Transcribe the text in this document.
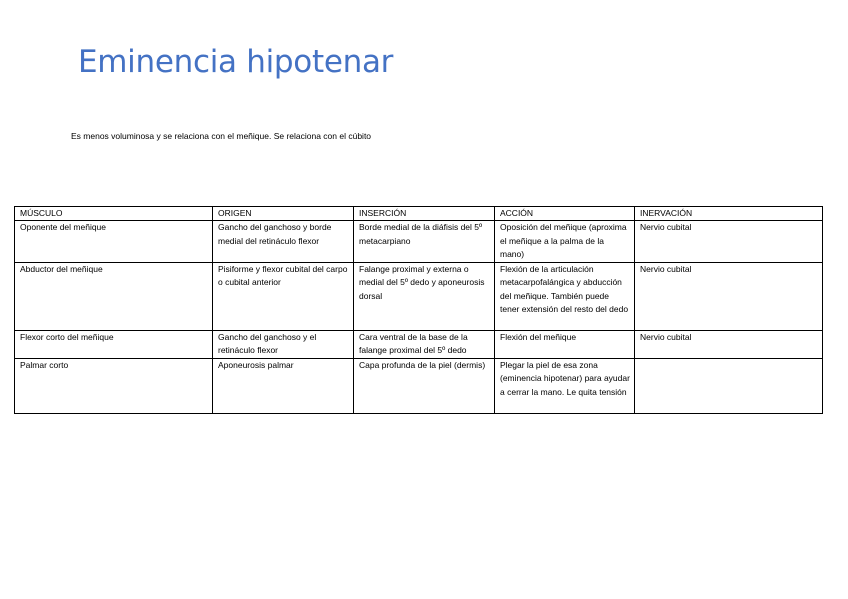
Eminencia hipotenar

Es menos voluminosa y se relaciona con el meñique. Se relaciona con el cúbito

MÚSCULO	ORIGEN	INSERCIÓN	ACCIÓN	INERVACIÓN
Oponente del meñique	Gancho del ganchoso y borde medial del retináculo flexor	Borde medial de la diáfisis del 5º metacarpiano	Oposición del meñique (aproxima el meñique a la palma de la mano)	Nervio cubital
Abductor del meñique	Pisiforme y flexor cubital del carpo o cubital anterior	Falange proximal y externa o medial del 5º dedo y aponeurosis dorsal	Flexión de la articulación metacarpofalángica y abducción del meñique. También puede tener extensión del resto del dedo	Nervio cubital
Flexor corto del meñique	Gancho del ganchoso y el retináculo flexor	Cara ventral de la base de la falange proximal del 5º dedo	Flexión del meñique	Nervio cubital
Palmar corto	Aponeurosis palmar	Capa profunda de la piel (dermis)	Plegar la piel de esa zona (eminencia hipotenar) para ayudar a cerrar la mano. Le quita tensión	
